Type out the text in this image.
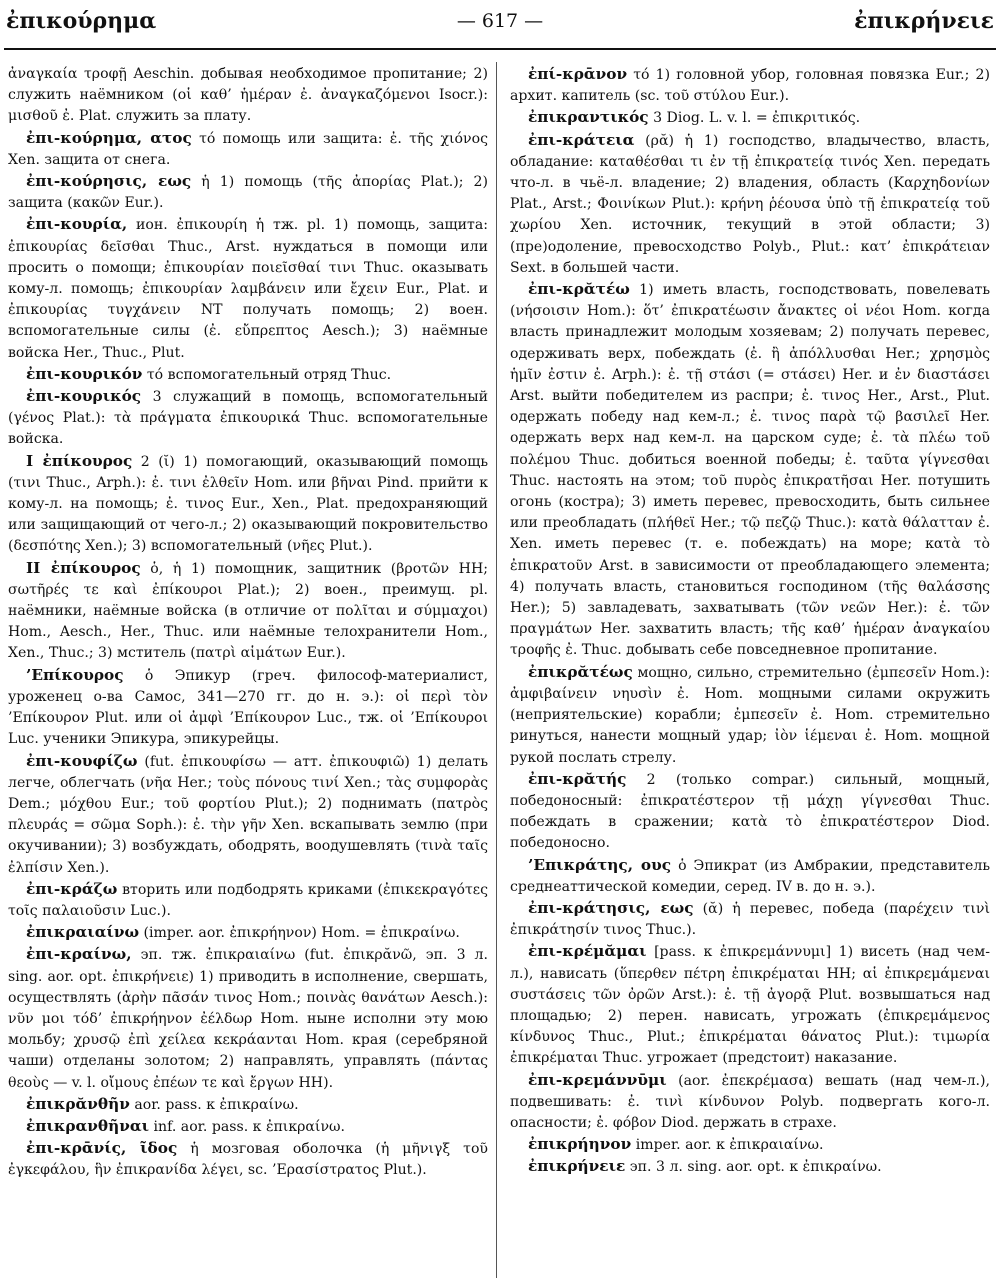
ἐπικούρημα	— 617 —	ἐπικρήνειε

ἀναγκαία τροφῇ Aeschin. добывая необходимое пропитание; 2) служить наёмником (οἱ καθ’ ἡμέραν ἐ. ἀναγκαζόμενοι Isocr.): μισθοῦ ἐ. Plat. служить за плату.

ἐπι-κούρημα, ατος τό помощь или защита: ἐ. τῆς χιόνος Xen. защита от снега.

ἐπι-κούρησις, εως ἡ 1) помощь (τῆς ἀπορίας Plat.); 2) защита (κακῶν Eur.).

ἐπι-κουρία, ион. ἐπικουρίη ἡ тж. pl. 1) помощь, защита: ἐπικουρίας δεῖσθαι Thuc., Arst. нуждаться в помощи или просить о помощи; ἐπικουρίαν ποιεῖσθαί τινι Thuc. оказывать кому-л. помощь; ἐπικουρίαν λαμβάνειν или ἔχειν Eur., Plat. и ἐπικουρίας τυγχάνειν NT получать помощь; 2) воен. вспомогательные силы (ἐ. εὔπρεπτος Aesch.); 3) наёмные войска Her., Thuc., Plut.

ἐπι-κουρικόν τό вспомогательный отряд Thuc.

ἐπι-κουρικός 3 служащий в помощь, вспомогательный (γένος Plat.): τὰ πράγματα ἐπικουρικά Thuc. вспомогательные войска.

I ἐπίκουρος 2 (ῐ) 1) помогающий, оказывающий помощь (τινι Thuc., Arph.): ἐ. τινι ἐλθεῖν Hom. или βῆναι Pind. прийти к кому-л. на помощь; ἐ. τινος Eur., Xen., Plat. предохраняющий или защищающий от чего-л.; 2) оказывающий покровительство (δεσπότης Xen.); 3) вспомогательный (νῆες Plut.).

II ἐπίκουρος ὁ, ἡ 1) помощник, защитник (βροτῶν HH; σωτῆρές τε καὶ ἐπίκουροι Plat.); 2) воен., преимущ. pl. наёмники, наёмные войска (в отличие от πολῖται и σύμμαχοι) Hom., Aesch., Her., Thuc. или наёмные телохранители Hom., Xen., Thuc.; 3) мститель (πατρὶ αἱμάτων Eur.).

’Επίκουρος ὁ Эпикур (греч. философ-материалист, уроженец о-ва Самос, 341—270 гг. до н. э.): οἱ περὶ τὸν ’Επίκουρον Plut. или οἱ ἀμφὶ ’Επίκουρον Luc., тж. οἱ ’Επίκουροι Luc. ученики Эпикура, эпикурейцы.

ἐπι-κουφίζω (fut. ἐπικουφίσω — атт. ἐπικουφιῶ) 1) делать легче, облегчать (νῆα Her.; τοὺς πόνους τινί Xen.; τὰς συμφορὰς Dem.; μόχθου Eur.; τοῦ φορτίου Plut.); 2) поднимать (πατρὸς πλευράς = σῶμα Soph.): ἐ. τὴν γῆν Xen. вскапывать землю (при окучивании); 3) возбуждать, ободрять, воодушевлять (τινὰ ταῖς ἐλπίσιν Xen.).

ἐπι-κράζω вторить или подбодрять криками (ἐπικεκραγότες τοῖς παλαιοῦσιν Luc.).

ἐπικραιαίνω (imper. aor. ἐπικρήηνον) Hom. = ἐπικραίνω.

ἐπι-κραίνω, эп. тж. ἐπικραιαίνω (fut. ἐπικρᾰνῶ, эп. 3 л. sing. aor. opt. ἐπικρήνειε) 1) приводить в исполнение, свершать, осуществлять (ἀρὴν πᾶσάν τινος Hom.; ποινὰς θανάτων Aesch.): νῦν μοι τόδ’ ἐπικρήηνον ἐέλδωρ Hom. ныне исполни эту мою мольбу; χρυσῷ ἐπὶ χείλεα κεκράανται Hom. края (серебряной чаши) отделаны золотом; 2) направлять, управлять (πάντας θεοὺς — v. l. οἴμους ἐπέων τε καὶ ἔργων HH).

ἐπικρᾰνθῆν aor. pass. к ἐπικραίνω.

ἐπικρανθῆναι inf. aor. pass. к ἐπικραίνω.

ἐπι-κρᾱνίς, ῖδος ἡ мозговая оболочка (ἡ μῆνιγξ τοῦ ἐγκεφάλου, ἣν ἐπικρανίδα λέγει, sc. ’Ερασίστρατος Plut.).

ἐπί-κρᾱνον τό 1) головной убор, головная повязка Eur.; 2) архит. капитель (sc. τοῦ στύλου Eur.).

ἐπικραντικός 3 Diog. L. v. l. = ἐπικριτικός.

ἐπι-κράτεια (ρᾰ) ἡ 1) господство, владычество, власть, обладание: καταθέσθαι τι ἐν τῇ ἐπικρατείᾳ τινός Xen. передать что-л. в чьё-л. владение; 2) владения, область (Καρχηδονίων Plat., Arst.; Φοινίκων Plut.): κρήνη ῥέουσα ὑπὸ τῇ ἐπικρατείᾳ τοῦ χωρίου Xen. источник, текущий в этой области; 3) (пре)одоление, превосходство Polyb., Plut.: κατ’ ἐπικράτειαν Sext. в большей части.

ἐπι-κρᾰτέω 1) иметь власть, господствовать, повелевать (νήσοισιν Hom.): ὅτ’ ἐπικρατέωσιν ἄνακτες οἱ νέοι Hom. когда власть принадлежит молодым хозяевам; 2) получать перевес, одерживать верх, побеждать (ἐ. ἢ ἀπόλλυσθαι Her.; χρησμὸς ἡμῖν ἐστιν ἐ. Arph.): ἐ. τῇ στάσι (= στάσει) Her. и ἐν διαστάσει Arst. выйти победителем из распри; ἐ. τινος Her., Arst., Plut. одержать победу над кем-л.; ἐ. τινος παρὰ τῷ βασιλεῖ Her. одержать верх над кем-л. на царском суде; ἐ. τὰ πλέω τοῦ πολέμου Thuc. добиться военной победы; ἐ. ταῦτα γίγνεσθαι Thuc. настоять на этом; τοῦ πυρὸς ἐπικρατῆσαι Her. потушить огонь (костра); 3) иметь перевес, превосходить, быть сильнее или преобладать (πλήθεϊ Her.; τῷ πεζῷ Thuc.): κατὰ θάλατταν ἐ. Xen. иметь перевес (т. е. побеждать) на море; κατὰ τὸ ἐπικρατοῦν Arst. в зависимости от преобладающего элемента; 4) получать власть, становиться господином (τῆς θαλάσσης Her.); 5) завладевать, захватывать (τῶν νεῶν Her.): ἐ. τῶν πραγμάτων Her. захватить власть; τῆς καθ’ ἡμέραν ἀναγκαίου τροφῆς ἐ. Thuc. добывать себе повседневное пропитание.

ἐπικρᾰτέως мощно, сильно, стремительно (ἐμπεσεῖν Hom.): ἀμφιβαίνειν νηυσὶν ἐ. Hom. мощными силами окружить (неприятельские) корабли; ἐμπεσεῖν ἐ. Hom. стремительно ринуться, нанести мощный удар; ἰὸν ἱέμεναι ἐ. Hom. мощной рукой послать стрелу.

ἐπι-κρᾰτής 2 (только compar.) сильный, мощный, победоносный: ἐπικρατέστερον τῇ μάχῃ γίγνεσθαι Thuc. побеждать в сражении; κατὰ τὸ ἐπικρατέστερον Diod. победоносно.

’Επικράτης, ους ὁ Эпикрат (из Амбракии, представитель среднеаттической комедии, серед. IV в. до н. э.).

ἐπι-κράτησις, εως (ᾰ) ἡ перевес, победа (παρέχειν τινὶ ἐπικράτησίν τινος Thuc.).

ἐπι-κρέμᾰμαι [pass. к ἐπικρεμάννυμι] 1) висеть (над чем-л.), нависать (ὕπερθεν πέτρη ἐπικρέμαται HH; αἱ ἐπικρεμάμεναι συστάσεις τῶν ὀρῶν Arst.): ἐ. τῇ ἀγορᾷ Plut. возвышаться над площадью; 2) перен. нависать, угрожать (ἐπικρεμάμενος κίνδυνος Thuc., Plut.; ἐπικρέμαται θάνατος Plut.): τιμωρία ἐπικρέμαται Thuc. угрожает (предстоит) наказание.

ἐπι-κρεμάννῡμι (aor. ἐπεκρέμασα) вешать (над чем-л.), подвешивать: ἐ. τινὶ κίνδυνον Polyb. подвергать кого-л. опасности; ἐ. φόβον Diod. держать в страхе.

ἐπικρήηνον imper. aor. к ἐπικραιαίνω.

ἐπικρήνειε эп. 3 л. sing. aor. opt. к ἐπικραίνω.
